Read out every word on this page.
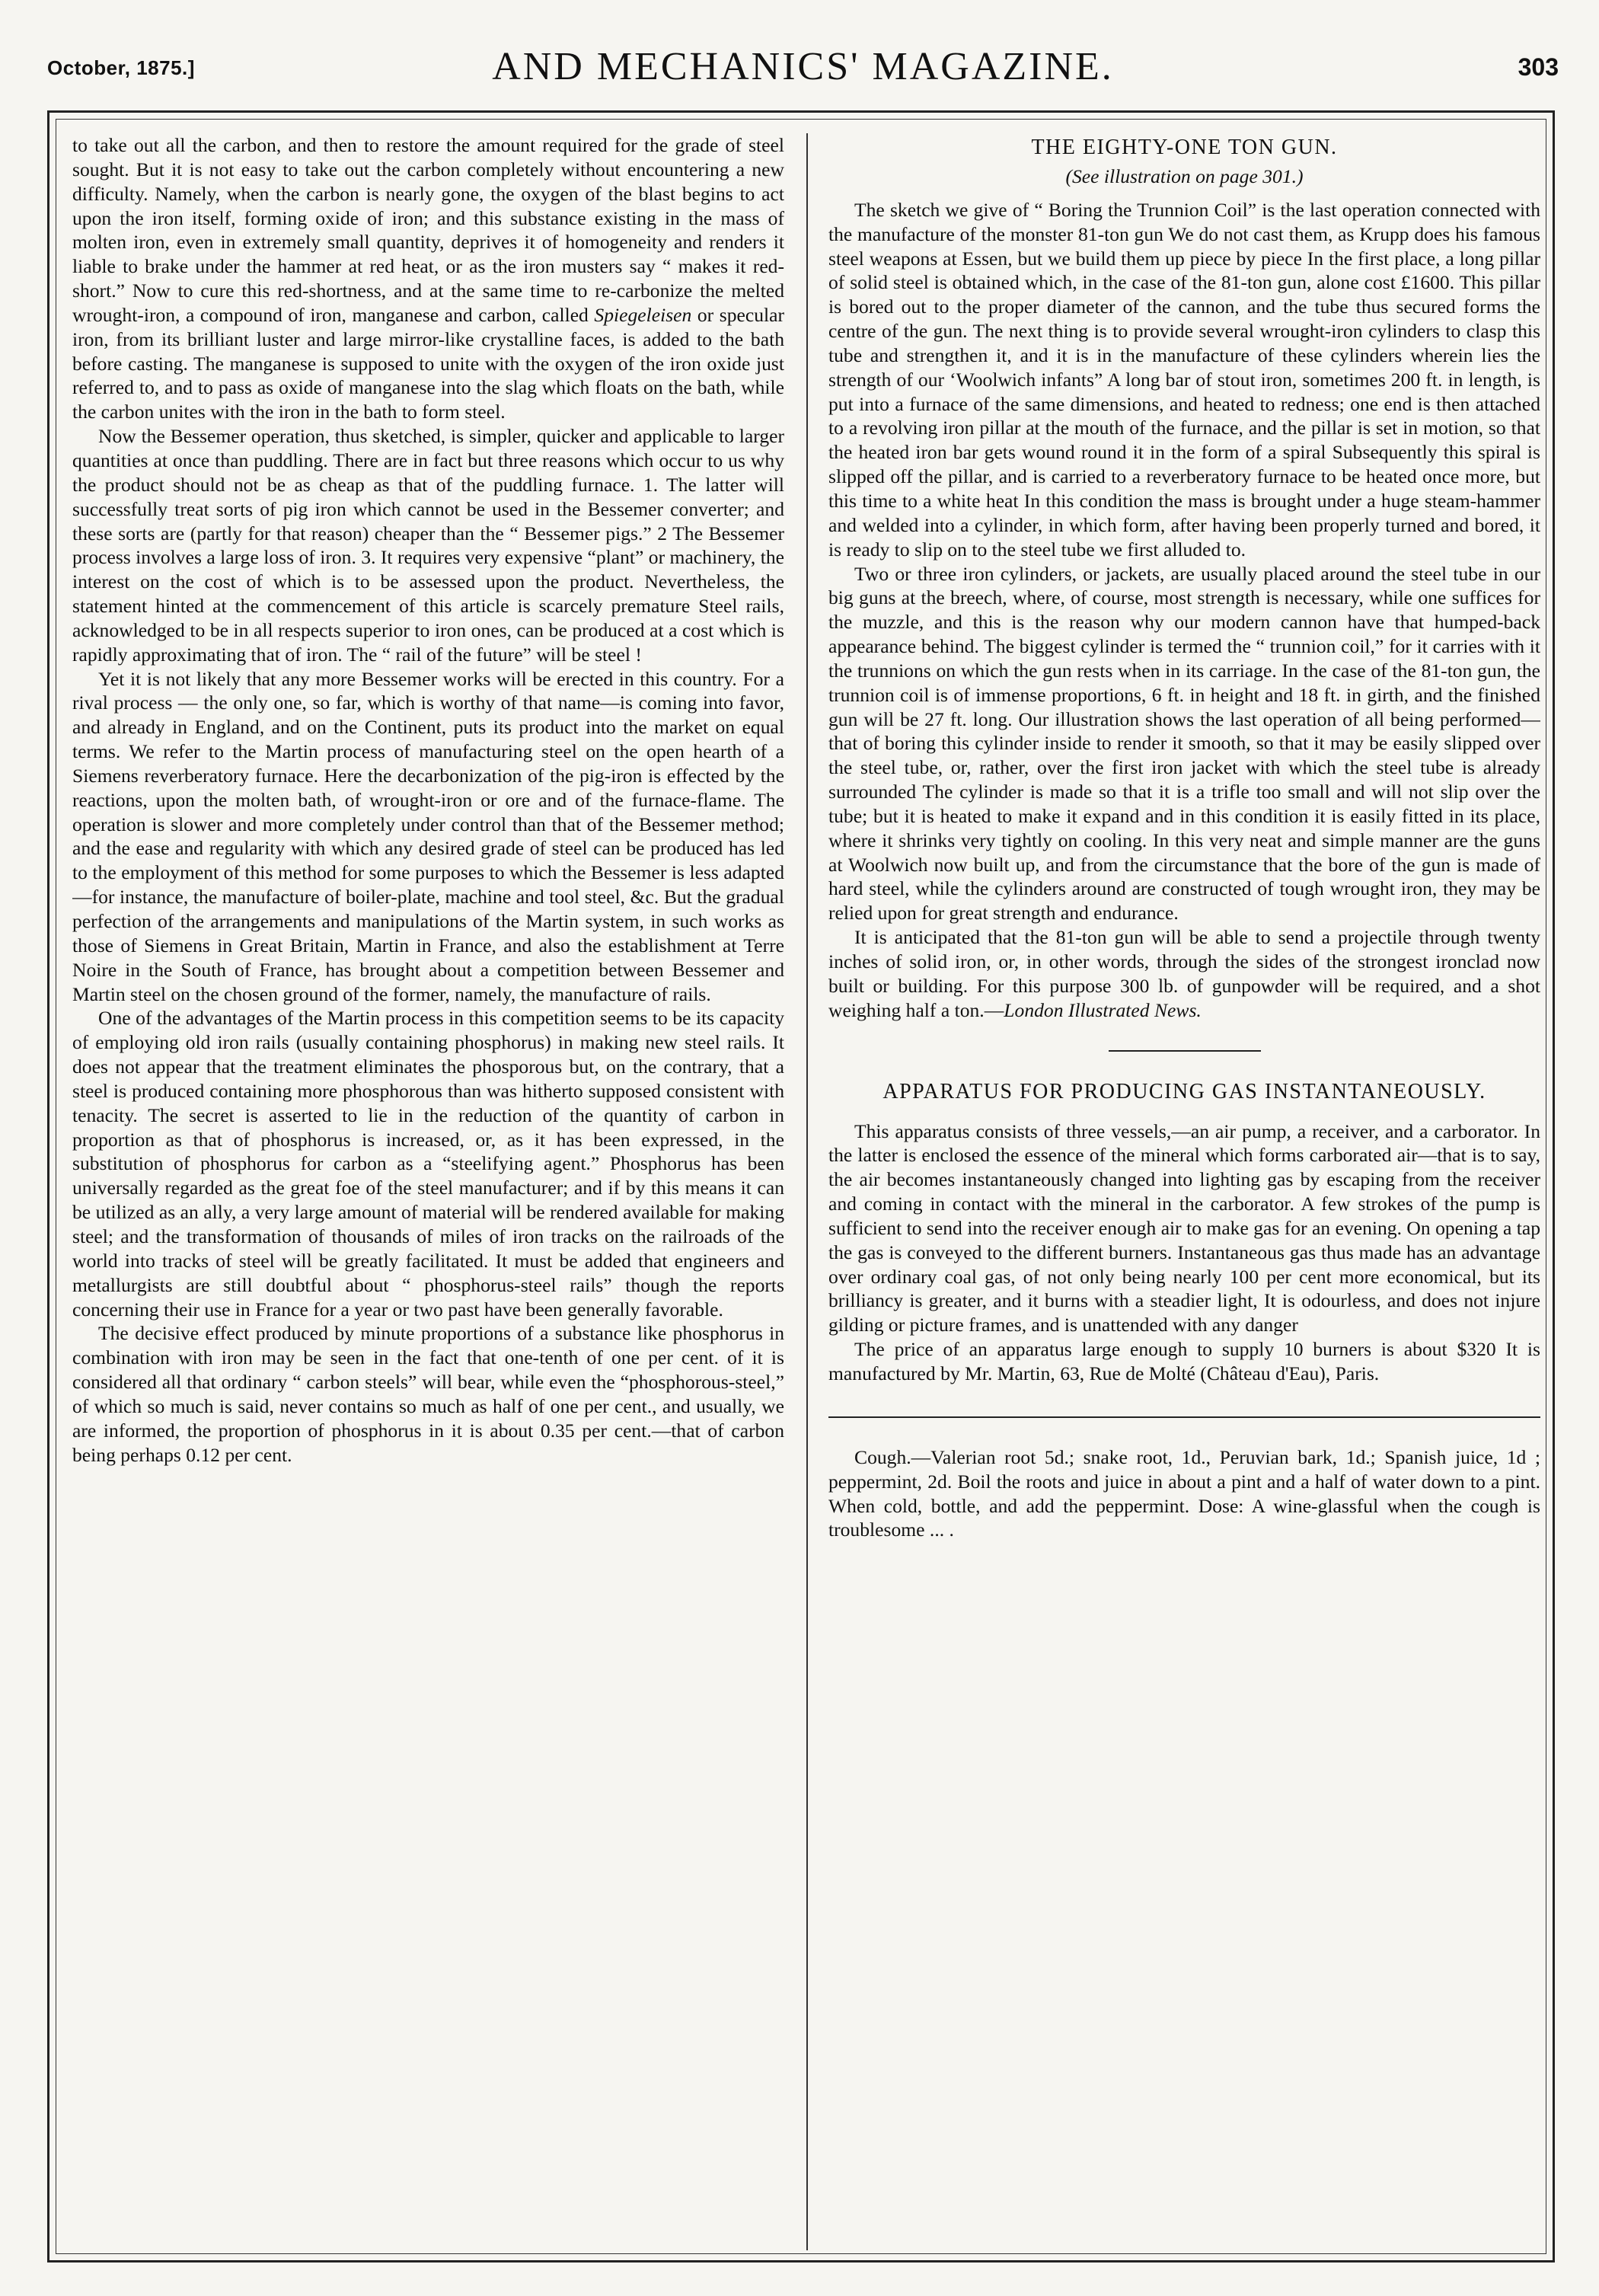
October, 1875.]	AND MECHANICS' MAGAZINE.	303

to take out all the carbon, and then to restore the amount required for the grade of steel sought. But it is not easy to take out the carbon completely without encountering a new difficulty. Namely, when the carbon is nearly gone, the oxygen of the blast begins to act upon the iron itself, forming oxide of iron; and this substance existing in the mass of molten iron, even in extremely small quantity, deprives it of homogeneity and renders it liable to brake under the hammer at red heat, or as the iron musters say “ makes it red-short.” Now to cure this red-shortness, and at the same time to re-carbonize the melted wrought-iron, a compound of iron, manganese and carbon, called Spiegeleisen or specular iron, from its brilliant luster and large mirror-like crystalline faces, is added to the bath before casting. The manganese is supposed to unite with the oxygen of the iron oxide just referred to, and to pass as oxide of manganese into the slag which floats on the bath, while the carbon unites with the iron in the bath to form steel.

Now the Bessemer operation, thus sketched, is simpler, quicker and applicable to larger quantities at once than puddling. There are in fact but three reasons which occur to us why the product should not be as cheap as that of the puddling furnace. 1. The latter will successfully treat sorts of pig iron which cannot be used in the Bessemer converter; and these sorts are (partly for that reason) cheaper than the “ Bessemer pigs.” 2 The Bessemer process involves a large loss of iron. 3. It requires very expensive “plant” or machinery, the interest on the cost of which is to be assessed upon the product. Nevertheless, the statement hinted at the commencement of this article is scarcely premature Steel rails, acknowledged to be in all respects superior to iron ones, can be produced at a cost which is rapidly approximating that of iron. The “ rail of the future” will be steel !

Yet it is not likely that any more Bessemer works will be erected in this country. For a rival process — the only one, so far, which is worthy of that name—is coming into favor, and already in England, and on the Continent, puts its product into the market on equal terms. We refer to the Martin process of manufacturing steel on the open hearth of a Siemens reverberatory furnace. Here the decarbonization of the pig-iron is effected by the reactions, upon the molten bath, of wrought-iron or ore and of the furnace-flame. The operation is slower and more completely under control than that of the Bessemer method; and the ease and regularity with which any desired grade of steel can be produced has led to the employment of this method for some purposes to which the Bessemer is less adapted—for instance, the manufacture of boiler-plate, machine and tool steel, &c. But the gradual perfection of the arrangements and manipulations of the Martin system, in such works as those of Siemens in Great Britain, Martin in France, and also the establishment at Terre Noire in the South of France, has brought about a competition between Bessemer and Martin steel on the chosen ground of the former, namely, the manufacture of rails.

One of the advantages of the Martin process in this competition seems to be its capacity of employing old iron rails (usually containing phosphorus) in making new steel rails. It does not appear that the treatment eliminates the phosporous but, on the contrary, that a steel is produced containing more phosphorous than was hitherto supposed consistent with tenacity. The secret is asserted to lie in the reduction of the quantity of carbon in proportion as that of phosphorus is increased, or, as it has been expressed, in the substitution of phosphorus for carbon as a “steelifying agent.” Phosphorus has been universally regarded as the great foe of the steel manufacturer; and if by this means it can be utilized as an ally, a very large amount of material will be rendered available for making steel; and the transformation of thousands of miles of iron tracks on the railroads of the world into tracks of steel will be greatly facilitated. It must be added that engineers and metallurgists are still doubtful about “ phosphorus-steel rails” though the reports concerning their use in France for a year or two past have been generally favorable.

The decisive effect produced by minute proportions of a substance like phosphorus in combination with iron may be seen in the fact that one-tenth of one per cent. of it is considered all that ordinary “ carbon steels” will bear, while even the “phosphorous-steel,” of which so much is said, never contains so much as half of one per cent., and usually, we are informed, the proportion of phosphorus in it is about 0.35 per cent.—that of carbon being perhaps 0.12 per cent.

THE EIGHTY-ONE TON GUN.
(See illustration on page 301.)

The sketch we give of “ Boring the Trunnion Coil” is the last operation connected with the manufacture of the monster 81-ton gun We do not cast them, as Krupp does his famous steel weapons at Essen, but we build them up piece by piece In the first place, a long pillar of solid steel is obtained which, in the case of the 81-ton gun, alone cost £1600. This pillar is bored out to the proper diameter of the cannon, and the tube thus secured forms the centre of the gun. The next thing is to provide several wrought-iron cylinders to clasp this tube and strengthen it, and it is in the manufacture of these cylinders wherein lies the strength of our ‘Woolwich infants” A long bar of stout iron, sometimes 200 ft. in length, is put into a furnace of the same dimensions, and heated to redness; one end is then attached to a revolving iron pillar at the mouth of the furnace, and the pillar is set in motion, so that the heated iron bar gets wound round it in the form of a spiral Subsequently this spiral is slipped off the pillar, and is carried to a reverberatory furnace to be heated once more, but this time to a white heat In this condition the mass is brought under a huge steam-hammer and welded into a cylinder, in which form, after having been properly turned and bored, it is ready to slip on to the steel tube we first alluded to.

Two or three iron cylinders, or jackets, are usually placed around the steel tube in our big guns at the breech, where, of course, most strength is necessary, while one suffices for the muzzle, and this is the reason why our modern cannon have that humped-back appearance behind. The biggest cylinder is termed the “ trunnion coil,” for it carries with it the trunnions on which the gun rests when in its carriage. In the case of the 81-ton gun, the trunnion coil is of immense proportions, 6 ft. in height and 18 ft. in girth, and the finished gun will be 27 ft. long. Our illustration shows the last operation of all being performed—that of boring this cylinder inside to render it smooth, so that it may be easily slipped over the steel tube, or, rather, over the first iron jacket with which the steel tube is already surrounded The cylinder is made so that it is a trifle too small and will not slip over the tube; but it is heated to make it expand and in this condition it is easily fitted in its place, where it shrinks very tightly on cooling. In this very neat and simple manner are the guns at Woolwich now built up, and from the circumstance that the bore of the gun is made of hard steel, while the cylinders around are constructed of tough wrought iron, they may be relied upon for great strength and endurance.

It is anticipated that the 81-ton gun will be able to send a projectile through twenty inches of solid iron, or, in other words, through the sides of the strongest ironclad now built or building. For this purpose 300 lb. of gunpowder will be required, and a shot weighing half a ton.—London Illustrated News.

APPARATUS FOR PRODUCING GAS INSTANTANEOUSLY.

This apparatus consists of three vessels,—an air pump, a receiver, and a carborator. In the latter is enclosed the essence of the mineral which forms carborated air—that is to say, the air becomes instantaneously changed into lighting gas by escaping from the receiver and coming in contact with the mineral in the carborator. A few strokes of the pump is sufficient to send into the receiver enough air to make gas for an evening. On opening a tap the gas is conveyed to the different burners. Instantaneous gas thus made has an advantage over ordinary coal gas, of not only being nearly 100 per cent more economical, but its brilliancy is greater, and it burns with a steadier light, It is odourless, and does not injure gilding or picture frames, and is unattended with any danger

The price of an apparatus large enough to supply 10 burners is about $320 It is manufactured by Mr. Martin, 63, Rue de Molté (Château d'Eau), Paris.

Cough.—Valerian root 5d.; snake root, 1d., Peruvian bark, 1d.; Spanish juice, 1d ; peppermint, 2d. Boil the roots and juice in about a pint and a half of water down to a pint. When cold, bottle, and add the peppermint. Dose: A wine-glassful when the cough is troublesome ... .
